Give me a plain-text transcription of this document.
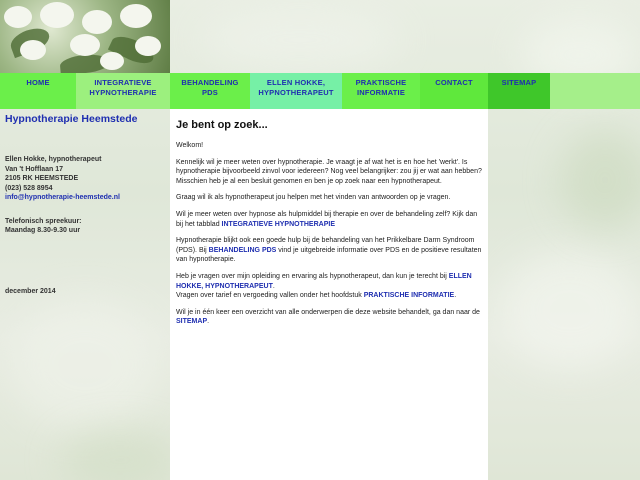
HOME	INTEGRATIEVE
HYPNOTHERAPIE
BEHANDELING
PDS
ELLEN HOKKE,
HYPNOTHERAPEUT
PRAKTISCHE
INFORMATIE
CONTACT	SITEMAP
Hypnotherapie Heemstede
Ellen Hokke, hypnotherapeut
Van 't Hofflaan 17
2105 RK HEEMSTEDE
(023) 528 8954
info@hypnotherapie-heemstede.nl
Telefonisch spreekuur:
Maandag 8.30-9.30 uur
december 2014
Je bent op zoek...

Welkom!

Kennelijk wil je meer weten over hypnotherapie. Je vraagt je af wat het is en hoe het 'werkt'. Is hypnotherapie bijvoorbeeld zinvol voor iedereen? Nog veel belangrijker: zou jij er wat aan hebben?
Misschien heb je al een besluit genomen en ben je op zoek naar een hypnotherapeut.

Graag wil ik als hypnotherapeut jou helpen met het vinden van antwoorden op je vragen.

Wil je meer weten over hypnose als hulpmiddel bij therapie en over de behandeling zelf? Kijk dan bij het tabblad INTEGRATIEVE HYPNOTHERAPIE

Hypnotherapie blijkt ook een goede hulp bij de behandeling van het Prikkelbare Darm Syndroom (PDS). Bij BEHANDELING PDS vind je uitgebreide informatie over PDS en de positieve resultaten van hypnotherapie.

Heb je vragen over mijn opleiding en ervaring als hypnotherapeut, dan kun je terecht bij ELLEN HOKKE, HYPNOTHERAPEUT.
Vragen over tarief en vergoeding vallen onder het hoofdstuk PRAKTISCHE INFORMATIE.

Wil je in één keer een overzicht van alle onderwerpen die deze website behandelt, ga dan naar de SITEMAP.
